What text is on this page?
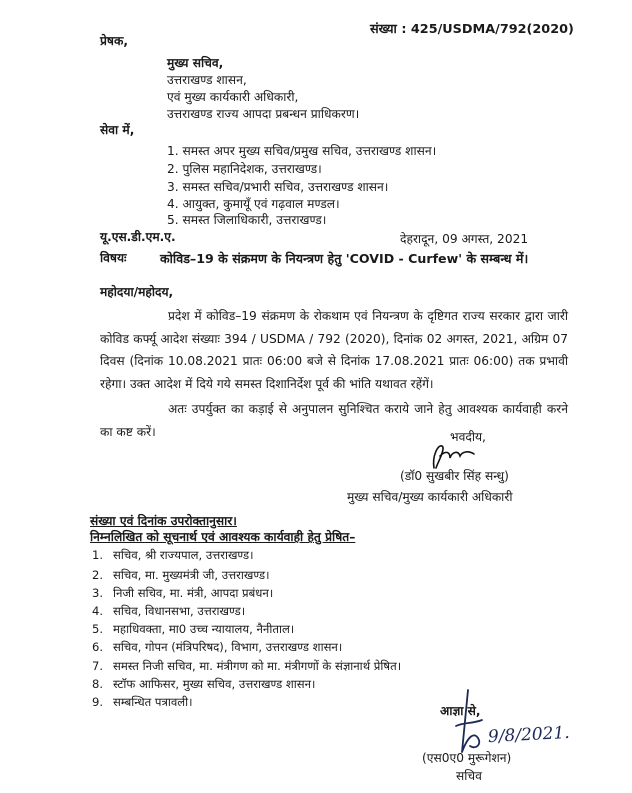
संख्या : 425/USDMA/792(2020)
प्रेषक,
मुख्य सचिव,
उत्तराखण्ड शासन,
एवं मुख्य कार्यकारी अधिकारी,
उत्तराखण्ड राज्य आपदा प्रबन्धन प्राधिकरण।
सेवा में,
1. समस्त अपर मुख्य सचिव/प्रमुख सचिव, उत्तराखण्ड शासन।
2. पुलिस महानिदेशक, उत्तराखण्ड।
3. समस्त सचिव/प्रभारी सचिव, उत्तराखण्ड शासन।
4. आयुक्त, कुमायूँ एवं गढ़वाल मण्डल।
5. समस्त जिलाधिकारी, उत्तराखण्ड।
यू.एस.डी.एम.ए.	देहरादून, 09 अगस्त, 2021
विषयः	कोविड–19 के संक्रमण के नियन्त्रण हेतु 'COVID - Curfew' के सम्बन्ध में।
महोदया/महोदय,
प्रदेश में कोविड–19 संक्रमण के रोकथाम एवं नियन्त्रण के दृष्टिगत राज्य सरकार द्वारा जारी कोविड कर्फ्यू आदेश संख्याः 394 / USDMA / 792 (2020), दिनांक 02 अगस्त, 2021, अग्रिम 07 दिवस (दिनांक 10.08.2021 प्रातः 06:00 बजे से दिनांक 17.08.2021 प्रातः 06:00) तक प्रभावी रहेगा। उक्त आदेश में दिये गये समस्त दिशानिर्देश पूर्व की भांति यथावत रहेंगें।
अतः उपर्युक्त का कड़ाई से अनुपालन सुनिश्चित कराये जाने हेतु आवश्यक कार्यवाही करने का कष्ट करें।	भवदीय,
(डॉ0 सुखबीर सिंह सन्धु)
मुख्य सचिव/मुख्य कार्यकारी अधिकारी
संख्या एवं दिनांक उपरोक्तानुसार।
निम्नलिखित को सूचनार्थ एवं आवश्यक कार्यवाही हेतु प्रेषित–
1. सचिव, श्री राज्यपाल, उत्तराखण्ड।
2. सचिव, मा. मुख्यमंत्री जी, उत्तराखण्ड।
3. निजी सचिव, मा. मंत्री, आपदा प्रबंधन।
4. सचिव, विधानसभा, उत्तराखण्ड।
5. महाधिवक्ता, मा0 उच्च न्यायालय, नैनीताल।
6. सचिव, गोपन (मंत्रिपरिषद), विभाग, उत्तराखण्ड शासन।
7. समस्त निजी सचिव, मा. मंत्रीगण को मा. मंत्रीगणों के संज्ञानार्थ प्रेषित।
8. स्टॉफ आफिसर, मुख्य सचिव, उत्तराखण्ड शासन।
9. सम्बन्धित पत्रावली।
आज्ञा से,
9/8/2021.
(एस0ए0 मुरूगेशन)
सचिव
